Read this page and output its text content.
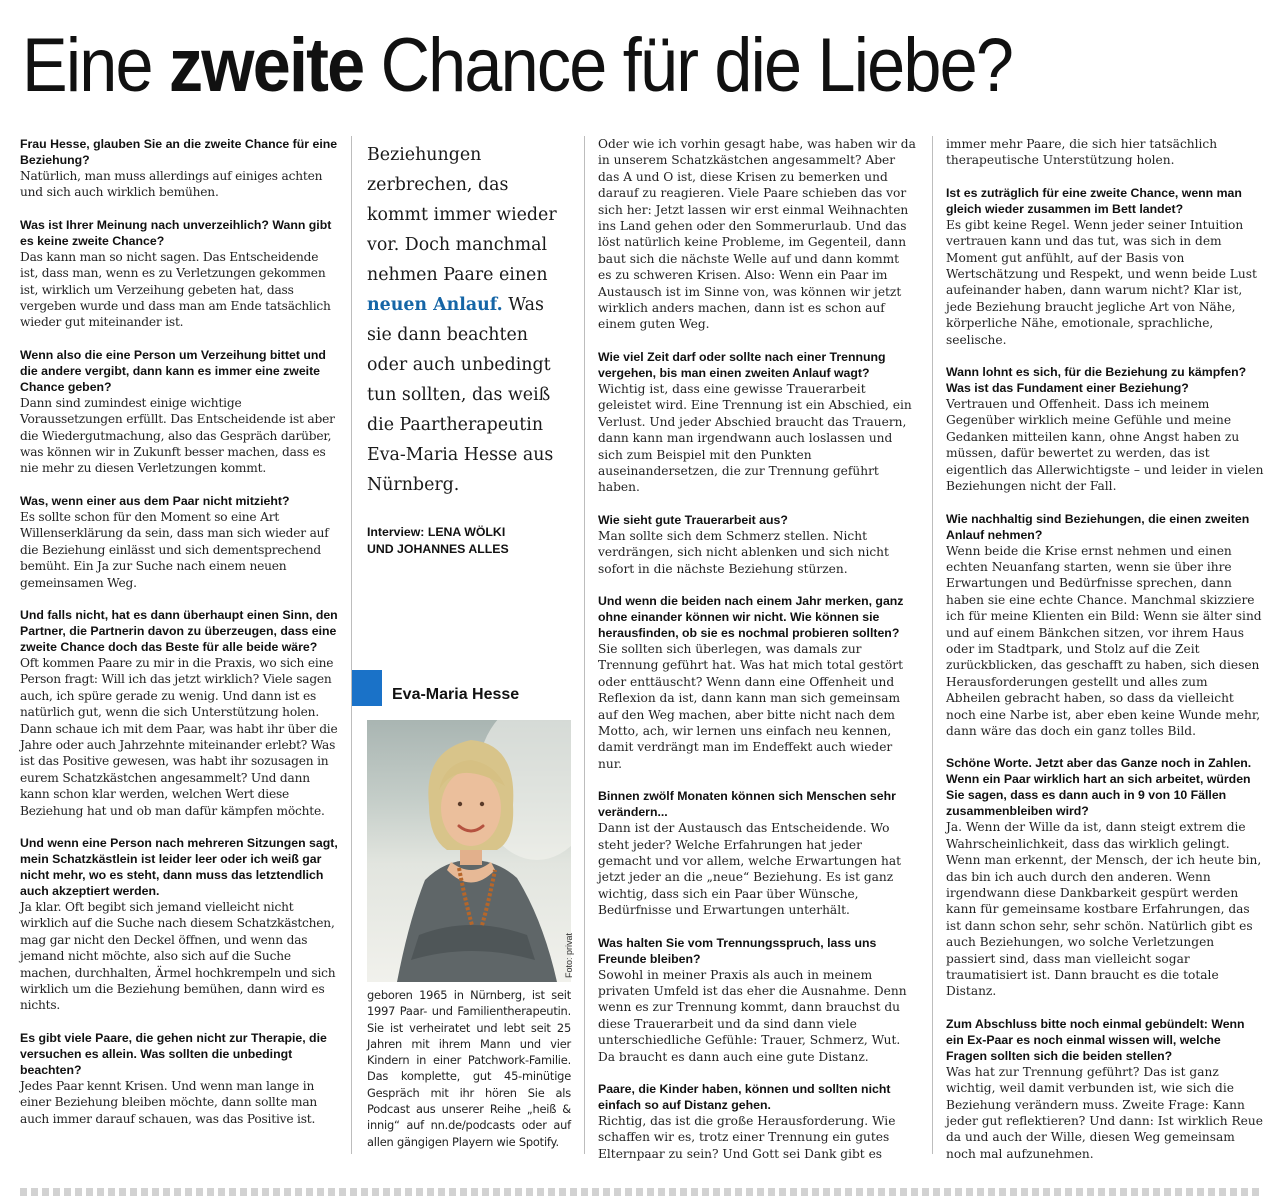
Eine zweite Chance für die Liebe?
Frau Hesse, glauben Sie an die zweite Chance für eine Beziehung?
Natürlich, man muss allerdings auf einiges achten und sich auch wirklich bemühen.
Was ist Ihrer Meinung nach unverzeihlich? Wann gibt es keine zweite Chance?
Das kann man so nicht sagen. Das Entscheidende ist, dass man, wenn es zu Verletzungen gekommen ist, wirklich um Verzeihung gebeten hat, dass vergeben wurde und dass man am Ende tatsächlich wieder gut miteinander ist.
Wenn also die eine Person um Verzeihung bittet und die andere vergibt, dann kann es immer eine zweite Chance geben?
Dann sind zumindest einige wichtige Voraussetzungen erfüllt. Das Entscheidende ist aber die Wiedergutmachung, also das Gespräch darüber, was können wir in Zukunft besser machen, dass es nie mehr zu diesen Verletzungen kommt.
Was, wenn einer aus dem Paar nicht mitzieht?
Es sollte schon für den Moment so eine Art Willenserklärung da sein, dass man sich wieder auf die Beziehung einlässt und sich dementsprechend bemüht. Ein Ja zur Suche nach einem neuen gemeinsamen Weg.
Und falls nicht, hat es dann überhaupt einen Sinn, den Partner, die Partnerin davon zu überzeugen, dass eine zweite Chance doch das Beste für alle beide wäre?
Oft kommen Paare zu mir in die Praxis, wo sich eine Person fragt: Will ich das jetzt wirklich? Viele sagen auch, ich spüre gerade zu wenig. Und dann ist es natürlich gut, wenn die sich Unterstützung holen. Dann schaue ich mit dem Paar, was habt ihr über die Jahre oder auch Jahrzehnte miteinander erlebt? Was ist das Positive gewesen, was habt ihr sozusagen in eurem Schatzkästchen angesammelt? Und dann kann schon klar werden, welchen Wert diese Beziehung hat und ob man dafür kämpfen möchte.
Und wenn eine Person nach mehreren Sitzungen sagt, mein Schatzkästlein ist leider leer oder ich weiß gar nicht mehr, wo es steht, dann muss das letztendlich auch akzeptiert werden.
Ja klar. Oft begibt sich jemand vielleicht nicht wirklich auf die Suche nach diesem Schatzkästchen, mag gar nicht den Deckel öffnen, und wenn das jemand nicht möchte, also sich auf die Suche machen, durchhalten, Ärmel hochkrempeln und sich wirklich um die Beziehung bemühen, dann wird es nichts.
Es gibt viele Paare, die gehen nicht zur Therapie, die versuchen es allein. Was sollten die unbedingt beachten?
Jedes Paar kennt Krisen. Und wenn man lange in einer Beziehung bleiben möchte, dann sollte man auch immer darauf schauen, was das Positive ist.
Beziehungen zerbrechen, das kommt immer wieder vor. Doch manchmal nehmen Paare einen neuen Anlauf. Was sie dann beachten oder auch unbedingt tun sollten, das weiß die Paartherapeutin Eva-Maria Hesse aus Nürnberg.
Interview: LENA WÖLKI
UND JOHANNES ALLES
Eva-Maria Hesse
Foto: privat
geboren 1965 in Nürnberg, ist seit 1997 Paar- und Familientherapeutin. Sie ist verheiratet und lebt seit 25 Jahren mit ihrem Mann und vier Kindern in einer Patchwork-Familie. Das komplette, gut 45-minütige Gespräch mit ihr hören Sie als Podcast aus unserer Reihe „heiß & innig“ auf nn.de/podcasts oder auf allen gängigen Playern wie Spotify.
Oder wie ich vorhin gesagt habe, was haben wir da in unserem Schatzkästchen angesammelt? Aber das A und O ist, diese Krisen zu bemerken und darauf zu reagieren. Viele Paare schieben das vor sich her: Jetzt lassen wir erst einmal Weihnachten ins Land gehen oder den Sommerurlaub. Und das löst natürlich keine Probleme, im Gegenteil, dann baut sich die nächste Welle auf und dann kommt es zu schweren Krisen. Also: Wenn ein Paar im Austausch ist im Sinne von, was können wir jetzt wirklich anders machen, dann ist es schon auf einem guten Weg.
Wie viel Zeit darf oder sollte nach einer Trennung vergehen, bis man einen zweiten Anlauf wagt?
Wichtig ist, dass eine gewisse Trauerarbeit geleistet wird. Eine Trennung ist ein Abschied, ein Verlust. Und jeder Abschied braucht das Trauern, dann kann man irgendwann auch loslassen und sich zum Beispiel mit den Punkten auseinandersetzen, die zur Trennung geführt haben.
Wie sieht gute Trauerarbeit aus?
Man sollte sich dem Schmerz stellen. Nicht verdrängen, sich nicht ablenken und sich nicht sofort in die nächste Beziehung stürzen.
Und wenn die beiden nach einem Jahr merken, ganz ohne einander können wir nicht. Wie können sie herausfinden, ob sie es nochmal probieren sollten?
Sie sollten sich überlegen, was damals zur Trennung geführt hat. Was hat mich total gestört oder enttäuscht? Wenn dann eine Offenheit und Reflexion da ist, dann kann man sich gemeinsam auf den Weg machen, aber bitte nicht nach dem Motto, ach, wir lernen uns einfach neu kennen, damit verdrängt man im Endeffekt auch wieder nur.
Binnen zwölf Monaten können sich Menschen sehr verändern...
Dann ist der Austausch das Entscheidende. Wo steht jeder? Welche Erfahrungen hat jeder gemacht und vor allem, welche Erwartungen hat jetzt jeder an die „neue“ Beziehung. Es ist ganz wichtig, dass sich ein Paar über Wünsche, Bedürfnisse und Erwartungen unterhält.
Was halten Sie vom Trennungsspruch, lass uns Freunde bleiben?
Sowohl in meiner Praxis als auch in meinem privaten Umfeld ist das eher die Ausnahme. Denn wenn es zur Trennung kommt, dann brauchst du diese Trauerarbeit und da sind dann viele unterschiedliche Gefühle: Trauer, Schmerz, Wut. Da braucht es dann auch eine gute Distanz.
Paare, die Kinder haben, können und sollten nicht einfach so auf Distanz gehen.
Richtig, das ist die große Herausforderung. Wie schaffen wir es, trotz einer Trennung ein gutes Elternpaar zu sein? Und Gott sei Dank gibt es
immer mehr Paare, die sich hier tatsächlich therapeutische Unterstützung holen.
Ist es zuträglich für eine zweite Chance, wenn man gleich wieder zusammen im Bett landet?
Es gibt keine Regel. Wenn jeder seiner Intuition vertrauen kann und das tut, was sich in dem Moment gut anfühlt, auf der Basis von Wertschätzung und Respekt, und wenn beide Lust aufeinander haben, dann warum nicht? Klar ist, jede Beziehung braucht jegliche Art von Nähe, körperliche Nähe, emotionale, sprachliche, seelische.
Wann lohnt es sich, für die Beziehung zu kämpfen? Was ist das Fundament einer Beziehung?
Vertrauen und Offenheit. Dass ich meinem Gegenüber wirklich meine Gefühle und meine Gedanken mitteilen kann, ohne Angst haben zu müssen, dafür bewertet zu werden, das ist eigentlich das Allerwichtigste – und leider in vielen Beziehungen nicht der Fall.
Wie nachhaltig sind Beziehungen, die einen zweiten Anlauf nehmen?
Wenn beide die Krise ernst nehmen und einen echten Neuanfang starten, wenn sie über ihre Erwartungen und Bedürfnisse sprechen, dann haben sie eine echte Chance. Manchmal skizziere ich für meine Klienten ein Bild: Wenn sie älter sind und auf einem Bänkchen sitzen, vor ihrem Haus oder im Stadtpark, und Stolz auf die Zeit zurückblicken, das geschafft zu haben, sich diesen Herausforderungen gestellt und alles zum Abheilen gebracht haben, so dass da vielleicht noch eine Narbe ist, aber eben keine Wunde mehr, dann wäre das doch ein ganz tolles Bild.
Schöne Worte. Jetzt aber das Ganze noch in Zahlen. Wenn ein Paar wirklich hart an sich arbeitet, würden Sie sagen, dass es dann auch in 9 von 10 Fällen zusammenbleiben wird?
Ja. Wenn der Wille da ist, dann steigt extrem die Wahrscheinlichkeit, dass das wirklich gelingt. Wenn man erkennt, der Mensch, der ich heute bin, das bin ich auch durch den anderen. Wenn irgendwann diese Dankbarkeit gespürt werden kann für gemeinsame kostbare Erfahrungen, das ist dann schon sehr, sehr schön. Natürlich gibt es auch Beziehungen, wo solche Verletzungen passiert sind, dass man vielleicht sogar traumatisiert ist. Dann braucht es die totale Distanz.
Zum Abschluss bitte noch einmal gebündelt: Wenn ein Ex-Paar es noch einmal wissen will, welche Fragen sollten sich die beiden stellen?
Was hat zur Trennung geführt? Das ist ganz wichtig, weil damit verbunden ist, wie sich die Beziehung verändern muss. Zweite Frage: Kann jeder gut reflektieren? Und dann: Ist wirklich Reue da und auch der Wille, diesen Weg gemeinsam noch mal aufzunehmen.
